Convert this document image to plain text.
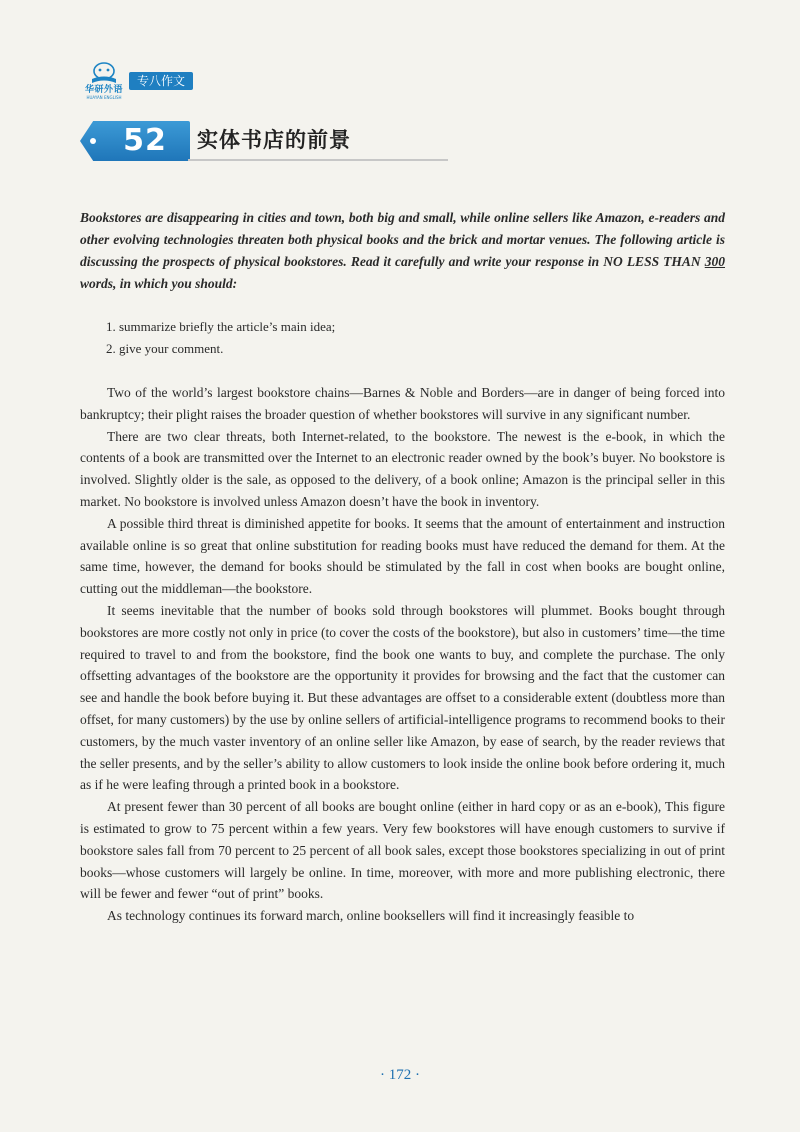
华研外语
HUAYAN ENGLISH
专八作文
52	实体书店的前景
Bookstores are disappearing in cities and town, both big and small, while online sellers like Amazon, e-readers and other evolving technologies threaten both physical books and the brick and mortar venues. The following article is discussing the prospects of physical bookstores. Read it carefully and write your response in NO LESS THAN 300 words, in which you should:
1. summarize briefly the article’s main idea;
2. give your comment.

Two of the world’s largest bookstore chains—Barnes & Noble and Borders—are in danger of being forced into bankruptcy; their plight raises the broader question of whether bookstores will survive in any significant number.

There are two clear threats, both Internet-related, to the bookstore. The newest is the e-book, in which the contents of a book are transmitted over the Internet to an electronic reader owned by the book’s buyer. No bookstore is involved. Slightly older is the sale, as opposed to the delivery, of a book online; Amazon is the principal seller in this market. No bookstore is involved unless Amazon doesn’t have the book in inventory.

A possible third threat is diminished appetite for books. It seems that the amount of entertainment and instruction available online is so great that online substitution for reading books must have reduced the demand for them. At the same time, however, the demand for books should be stimulated by the fall in cost when books are bought online, cutting out the middleman—the bookstore.

It seems inevitable that the number of books sold through bookstores will plummet. Books bought through bookstores are more costly not only in price (to cover the costs of the bookstore), but also in customers’ time—the time required to travel to and from the bookstore, find the book one wants to buy, and complete the purchase. The only offsetting advantages of the bookstore are the opportunity it provides for browsing and the fact that the customer can see and handle the book before buying it. But these advantages are offset to a considerable extent (doubtless more than offset, for many customers) by the use by online sellers of artificial-intelligence programs to recommend books to their customers, by the much vaster inventory of an online seller like Amazon, by ease of search, by the reader reviews that the seller presents, and by the seller’s ability to allow customers to look inside the online book before ordering it, much as if he were leafing through a printed book in a bookstore.

At present fewer than 30 percent of all books are bought online (either in hard copy or as an e-book), This figure is estimated to grow to 75 percent within a few years. Very few bookstores will have enough customers to survive if bookstore sales fall from 70 percent to 25 percent of all book sales, except those bookstores specializing in out of print books—whose customers will largely be online. In time, moreover, with more and more publishing electronic, there will be fewer and fewer “out of print” books.

As technology continues its forward march, online booksellers will find it increasingly feasible to

· 172 ·
